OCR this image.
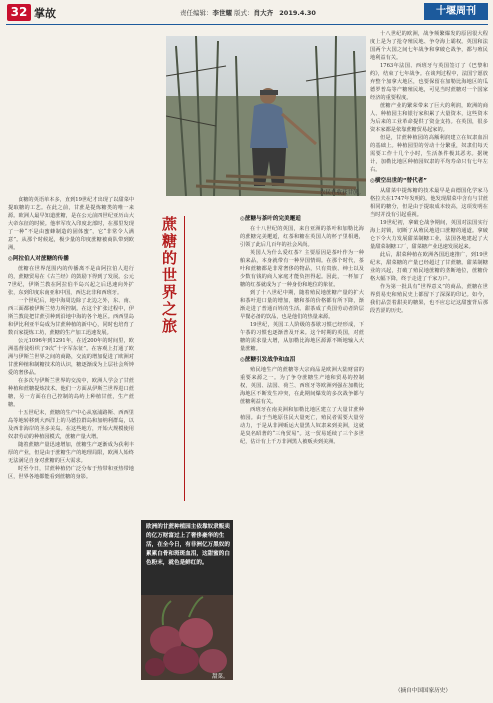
32 掌故	责任编辑：李世耀 版式：肖大齐 2019.4.30	十堰周刊
农民在收获甘蔗。

食糖的英语单本多，直到19世纪才出现了以甜菜中提取糖的工艺。在此之前，甘蔗是提炼糖类的唯一来源。欧洲人最早知道蔗糖，是在公元前四世纪亚历山大大帝东征的时候。他率军攻入印度北部时，在那里发现了一种“不是由蜜蜂制造的固体蜜”，它“非常令人满意”。从那个时候起，极少量的印度蔗糖被商队带到欧洲。

◎阿拉伯人对蔗糖的传播

蔗糖在世界范围内的传播离不是由阿拉伯人进行的，蔗糖贸易在《古兰经》的鼓励下得到了发展。公元7世纪，伊斯兰教在阿拉伯半岛兴起之后迅速向外扩张，东到印度东南亚和中国，西达北非和西班牙。

一个世纪后，地中海周边除了北边之外，东、南、西三面都被伊斯兰势力所控制。在这个扩张过程中，伊斯兰教徒把甘蔗引种到沿地中海的各个地区。西西里岛和伊比利亚半岛成为甘蔗种植的新中心，同时也培育了数百家提炼工坊，蔗糖的生产加工迅速发展。

公元1096年到1291年，在近200年的时间里，欧洲基督徒组织了9次“十字军东征”。在客观上打通了欧洲与伊斯兰世界之间的商路，交流的增加促进了欧洲对甘蔗种植和制糖技术的认识，糖逐渐成为上层社会所钟爱的奢侈品。

在多次与伊斯兰世界的交流中，欧洲人学会了甘蔗种植和蔗糖提炼技术。他们一方面从伊斯兰世界进口蔗糖，另一方面在自己控制的岛屿上种植甘蔗，生产蔗糖。

十五世纪末，蔗糖的生产中心从塞浦路斯、西西里岛等地转移到大西洋上的马德拉群岛和加纳利群岛，以及西非海岸的圣多美岛。在这些地方，开始大规模使用奴隶劳动的种植园模式，蔗糖产量大增。

随着蔗糖产量迅速增加，蔗糖生产逐渐成为获利丰厚的产业，但是由于蔗糖生产的地理局限，欧洲人始终无法满足自身对蔗糖的巨大需求。

时至今日，甘蔗种植仍广泛分布于热带和亚热带地区，世界各地都能看到蔗糖的身影。

蔗糖的世界之旅
欧洲的甘蔗种植园主依靠奴隶贩卖的亿万财富过上了奢侈豪华的生活，在全今日，有非洲亿万黑奴的累累白骨和斑斑血泪，这甜蜜的白色粉末，就色是鲜红的。
甜菜。
◎蔗糖与茶叶的完美邂逅

在十八世纪的英国，来自亚洲的茶叶和加勒比海的蔗糖完美邂逅，红茶和糖在英国人的杯子里相遇，引领了此后几百年的社会风尚。

英国人为什么爱红茶？主要原因是茶叶作为一种舶来品，本身就带有一种异国情调。在那个时代，茶叶和蔗糖都是非常奢侈的物品，只有贵族、绅士以及少数有钱的商人家庭才能负担得起。因此，一杯加了糖的红茶就成为了一种身份和地位的象征。

到了十八世纪中期，随着殖民地蔗糖产量的扩大和茶叶进口量的增加，糖和茶的价格都有所下降，渐渐走进了普通百姓的生活。甜茶成了英国劳动者阶层早餐必备的饮品，也是他们的热量来源。

19世纪，英国工人阶级的茶歇习惯已经形成，下午茶的习惯也逐渐普及开来。这个时期的英国，对蔗糖的需求量大增，从加勒比海地区源源不断地输入大量蔗糖。

◎蔗糖引发战争和血泪

殖民地生产的蔗糖等大宗商品是欧洲大陆财富的重要来源之一。为了争夺蔗糖生产地和贸易的控制权，英国、法国、荷兰、西班牙等欧洲列强在加勒比海地区不断发生冲突，在此期间爆发的多次战争都与蔗糖利益有关。

西班牙在南美洲和加勒比地区建立了大量甘蔗种植园。由于当地原住民大量死亡，殖民者需要大量劳动力，于是从非洲贩运大量黑人奴隶来到美洲，这就是臭名昭著的“三角贸易”。这一贸易延续了三个多世纪，估计有上千万非洲黑人被贩卖到美洲。

十八世纪的欧洲，战争频繁爆发的原因很大程度上是为了抢夺殖民地、争夺海上霸权。英国和法国两个大国之间七年战争和拿破仑战争，都与殖民地利益有关。

1763年法国、西班牙与英国签订了《巴黎和约》，结束了七年战争。在谈判过程中，法国宁愿放弃整个加拿大地区，也要保留在加勒比海地区的瓜德罗普岛等产糖殖民地，可见当时蔗糖对一个国家经济的重要程度。

蔗糖产业的繁荣带来了巨大的利润，欧洲的商人、种植园主和银行家积累了大量资本，这些资本为后来的工业革命提供了资金支持。在英国，很多资本家都是依靠蔗糖贸易起家的。

但是，甘蔗种植园的高额利润建立在奴隶血泪的基础上。种植园里的劳动十分繁重，奴隶们每天需要工作十几个小时，生活条件极其恶劣。据统计，加勒比地区种植园奴隶的平均寿命只有七年左右。

◎横空出世的“替代者”

从甜菜中提炼糖的技术最早是由德国化学家马格拉夫在1747年发明的。他发现甜菜中含有与甘蔗相同的糖分，但是由于提取成本较高，这项发明在当时并没有引起重视。

19世纪初，拿破仑战争期间，英国对法国实行海上封锁，切断了从殖民地进口蔗糖的通道。拿破仑下令大力发展甜菜制糖工业，法国各地建起了大量甜菜制糖工厂，甜菜糖产业迅速发展起来。

此后，甜菜种植在欧洲各国迅速推广，到19世纪末，甜菜糖的产量已经超过了甘蔗糖。甜菜制糖业的兴起，打破了殖民地蔗糖的垄断地位，蔗糖价格大幅下降，终于走进了千家万户。

作为第一批具有“世界意义”的商品，蔗糖在世界贸易史和殖民史上都留下了深深的印记。如今，我们品尝着甜美的糖果，也不应忘记这甜蜜背后那段苦涩的历史。

（摘自中国国家历史）
